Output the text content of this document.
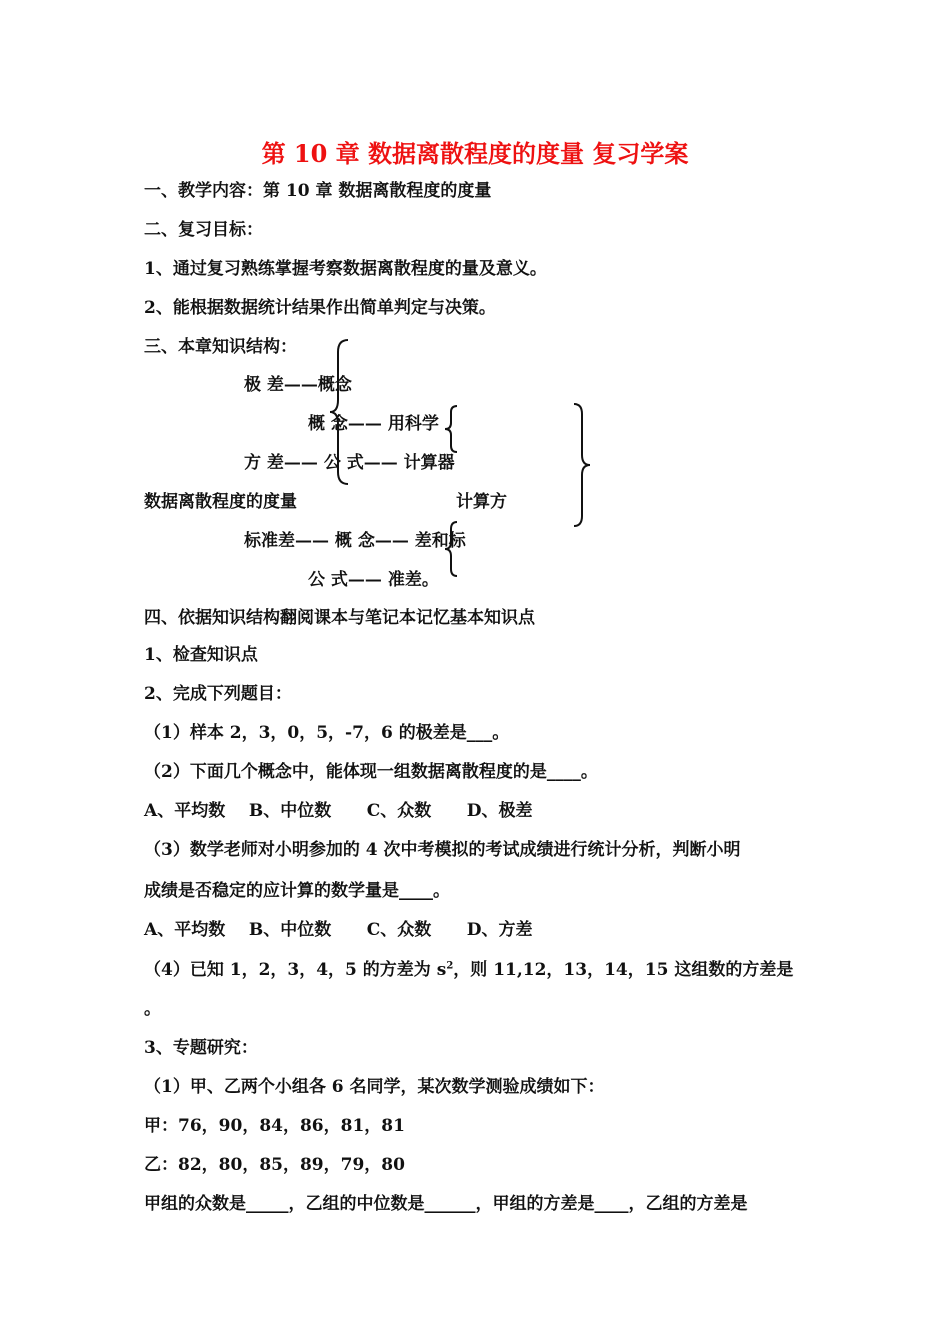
第 10 章 数据离散程度的度量 复习学案
一、教学内容：第 10 章 数据离散程度的度量
二、复习目标：
1、通过复习熟练掌握考察数据离散程度的量及意义。
2、能根据数据统计结果作出简单判定与决策。
三、本章知识结构：
极 差——概念
概 念—— 用科学
方 差—— 公 式—— 计算器
数据离散程度的度量	计算方
标准差—— 概 念—— 差和标
公 式—— 准差。
四、依据知识结构翻阅课本与笔记本记忆基本知识点
1、检查知识点
2、完成下列题目：
（1）样本 2，3，0，5，-7，6 的极差是___。
（2）下面几个概念中，能体现一组数据离散程度的是____。
A、平均数    B、中位数      C、众数      D、极差
（3）数学老师对小明参加的 4 次中考模拟的考试成绩进行统计分析，判断小明
成绩是否稳定的应计算的数学量是____。
A、平均数    B、中位数      C、众数      D、方差
（4）已知 1，2，3，4，5 的方差为 $s^2$，则 11,12，13，14，15 这组数的方差是
。
3、专题研究：
（1）甲、乙两个小组各 6 名同学，某次数学测验成绩如下：
甲：76，90，84，86，81，81
乙：82，80，85，89，79，80
甲组的众数是_____，乙组的中位数是______，甲组的方差是____，乙组的方差是
